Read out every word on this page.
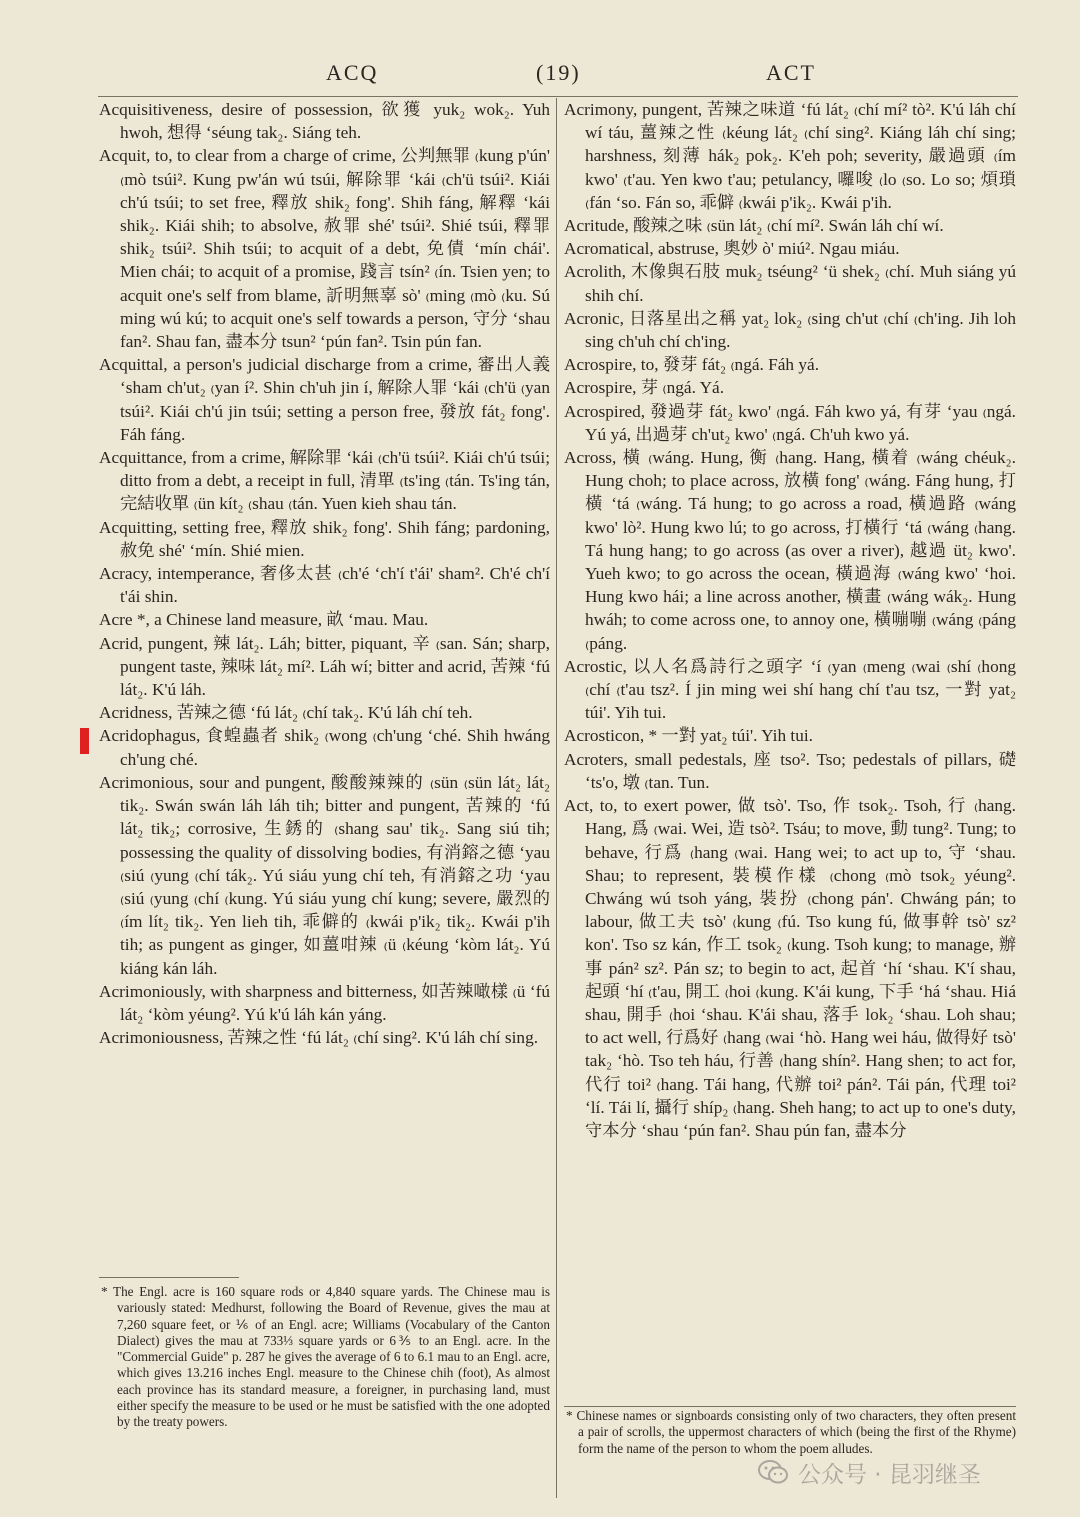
ACQ	(19)	ACT

Acquisitiveness, desire of possession, 欲獲 yuk₂ wok₂. Yuh hwoh, 想得 ʻséung tak₂. Siáng teh.

Acquit, to, to clear from a charge of crime, 公判無罪 ₍kung p'ún' ₍mò tsúi². Kung pw'án wú tsúi, 解除罪 ʻkái ₍ch'ü tsúi². Kiái ch'ú tsúi; to set free, 釋放 shik₂ fong'. Shih fáng, 解釋 ʻkái shik₂. Kiái shih; to absolve, 赦罪 shé' tsúi². Shié tsúi, 釋罪 shik₂ tsúi². Shih tsúi; to acquit of a debt, 免債 ʻmín chái'. Mien chái; to acquit of a promise, 踐言 tsín² ₍ín. Tsien yen; to acquit one's self from blame, 訢明無辜 sò' ₍ming ₍mò ₍ku. Sú ming wú kú; to acquit one's self towards a person, 守分 ʻshau fan². Shau fan, 盡本分 tsun² ʻpún fan². Tsin pún fan.

Acquittal, a person's judicial discharge from a crime, 審出人義 ʻsham ch'ut₂ ₍yan í². Shin ch'uh jin í, 解除人罪 ʻkái ₍ch'ü ₍yan tsúi². Kiái ch'ú jin tsúi; setting a person free, 發放 fát₂ fong'. Fáh fáng.

Acquittance, from a crime, 解除罪 ʻkái ₍ch'ü tsúi². Kiái ch'ú tsúi; ditto from a debt, a receipt in full, 清單 ₍ts'ing ₍tán. Ts'ing tán, 完結收單 ₍ün kít₂ ₍shau ₍tán. Yuen kieh shau tán.

Acquitting, setting free, 釋放 shik₂ fong'. Shih fáng; pardoning, 赦免 shé' ʻmín. Shié mien.

Acracy, intemperance, 奢侈太甚 ₍ch'é ʻch'í t'ái' sham². Ch'é ch'í t'ái shin.

Acre *, a Chinese land measure, 畝 ʻmau. Mau.

Acrid, pungent, 辣 lát₂. Láh; bitter, piquant, 辛 ₍san. Sán; sharp, pungent taste, 辣味 lát₂ mí². Láh wí; bitter and acrid, 苦辣 ʻfú lát₂. K'ú láh.

Acridness, 苦辣之德 ʻfú lát₂ ₍chí tak₂. K'ú láh chí teh.

Acridophagus, 食蝗蟲者 shik₂ ₍wong ₍ch'ung ʻché. Shih hwáng ch'ung ché.

Acrimonious, sour and pungent, 酸酸辣辣的 ₍sün ₍sün lát₂ lát₂ tik₂. Swán swán láh láh tih; bitter and pungent, 苦辣的 ʻfú lát₂ tik₂; corrosive, 生銹的 ₍shang sau' tik₂. Sang siú tih; possessing the quality of dissolving bodies, 有消鎔之德 ʻyau ₍siú ₍yung ₍chí ták₂. Yú siáu yung chí teh, 有消鎔之功 ʻyau ₍siú ₍yung ₍chí ₍kung. Yú siáu yung chí kung; severe, 嚴烈的 ₍ím lít₂ tik₂. Yen lieh tih, 乖僻的 ₍kwái p'ik₂ tik₂. Kwái p'ih tih; as pungent as ginger, 如薑咁辣 ₍ü ₍kéung ʻkòm lát₂. Yú kiáng kán láh.

Acrimoniously, with sharpness and bitterness, 如苦辣噉樣 ₍ü ʻfú lát₂ ʻkòm yéung². Yú k'ú láh kán yáng.

Acrimoniousness, 苦辣之性 ʻfú lát₂ ₍chí sing². K'ú láh chí sing.

* The Engl. acre is 160 square rods or 4,840 square yards. The Chinese mau is variously stated: Medhurst, following the Board of Revenue, gives the mau at 7,260 square feet, or ⅙ of an Engl. acre; Williams (Vocabulary of the Canton Dialect) gives the mau at 733⅓ square yards or 6⅗ to an Engl. acre. In the "Commercial Guide" p. 287 he gives the average of 6 to 6.1 mau to an Engl. acre, which gives 13.216 inches Engl. measure to the Chinese chih (foot), As almost each province has its standard measure, a foreigner, in purchasing land, must either specify the measure to be used or he must be satisfied with the one adopted by the treaty powers.

Acrimony, pungent, 苦辣之味道 ʻfú lát₂ ₍chí mí² tò². K'ú láh chí wí táu, 薑辣之性 ₍kéung lát₂ ₍chí sing². Kiáng láh chí sing; harshness, 刻薄 hák₂ pok₂. K'eh poh; severity, 嚴過頭 ₍ím kwo' ₍t'au. Yen kwo t'au; petulancy, 囉唆 ₍lo ₍so. Lo so; 煩瑣 ₍fán ʻso. Fán so, 乖僻 ₍kwái p'ik₂. Kwái p'ih.

Acritude, 酸辣之味 ₍sün lát₂ ₍chí mí². Swán láh chí wí.

Acromatical, abstruse, 奧妙 ò' miú². Ngau miáu.

Acrolith, 木像與石肢 muk₂ tséung² ʻü shek₂ ₍chí. Muh siáng yú shih chí.

Acronic, 日落星出之稱 yat₂ lok₂ ₍sing ch'ut ₍chí ₍ch'ing. Jih loh sing ch'uh chí ch'ing.

Acrospire, to, 發芽 fát₂ ₍ngá. Fáh yá.

Acrospire, 芽 ₍ngá. Yá.

Acrospired, 發過芽 fát₂ kwo' ₍ngá. Fáh kwo yá, 有芽 ʻyau ₍ngá. Yú yá, 出過芽 ch'ut₂ kwo' ₍ngá. Ch'uh kwo yá.

Across, 橫 ₍wáng. Hung, 衡 ₍hang. Hang, 橫着 ₍wáng chéuk₂. Hung choh; to place across, 放橫 fong' ₍wáng. Fáng hung, 打橫 ʻtá ₍wáng. Tá hung; to go across a road, 橫過路 ₍wáng kwo' lò². Hung kwo lú; to go across, 打橫行 ʻtá ₍wáng ₍hang. Tá hung hang; to go across (as over a river), 越過 üt₂ kwo'. Yueh kwo; to go across the ocean, 橫過海 ₍wáng kwo' ʻhoi. Hung kwo hái; a line across another, 橫畫 ₍wáng wák₂. Hung hwáh; to come across one, to annoy one, 橫嘣嘣 ₍wáng ₍páng ₍páng.

Acrostic, 以人名爲詩行之頭字 ʻí ₍yan ₍meng ₍wai ₍shí ₍hong ₍chí ₍t'au tsz². Í jin ming wei shí hang chí t'au tsz, 一對 yat₂ túi'. Yih tui.

Acrosticon, * 一對 yat₂ túi'. Yih tui.

Acroters, small pedestals, 座 tso². Tso; pedestals of pillars, 礎 ʻts'o, 墩 ₍tan. Tun.

Act, to, to exert power, 做 tsò'. Tso, 作 tsok₂. Tsoh, 行 ₍hang. Hang, 爲 ₍wai. Wei, 造 tsò². Tsáu; to move, 動 tung². Tung; to behave, 行爲 ₍hang ₍wai. Hang wei; to act up to, 守 ʻshau. Shau; to represent, 裝模作樣 ₍chong ₍mò tsok₂ yéung². Chwáng wú tsoh yáng, 裝扮 ₍chong pán'. Chwáng pán; to labour, 做工夫 tsò' ₍kung ₍fú. Tso kung fú, 做事幹 tsò' sz² kon'. Tso sz kán, 作工 tsok₂ ₍kung. Tsoh kung; to manage, 辦事 pán² sz². Pán sz; to begin to act, 起首 ʻhí ʻshau. K'í shau, 起頭 ʻhí ₍t'au, 開工 ₍hoi ₍kung. K'ái kung, 下手 ʻhá ʻshau. Hiá shau, 開手 ₍hoi ʻshau. K'ái shau, 落手 lok₂ ʻshau. Loh shau; to act well, 行爲好 ₍hang ₍wai ʻhò. Hang wei háu, 做得好 tsò' tak₂ ʻhò. Tso teh háu, 行善 ₍hang shín². Hang shen; to act for, 代行 toi² ₍hang. Tái hang, 代辦 toi² pán². Tái pán, 代理 toi² ʻlí. Tái lí, 攝行 shíp₂ ₍hang. Sheh hang; to act up to one's duty, 守本分 ʻshau ʻpún fan². Shau pún fan, 盡本分

* Chinese names or signboards consisting only of two characters, they often present a pair of scrolls, the uppermost characters of which (being the first of the Rhyme) form the name of the person to whom the poem alludes.
公众号 · 昆羽继圣
